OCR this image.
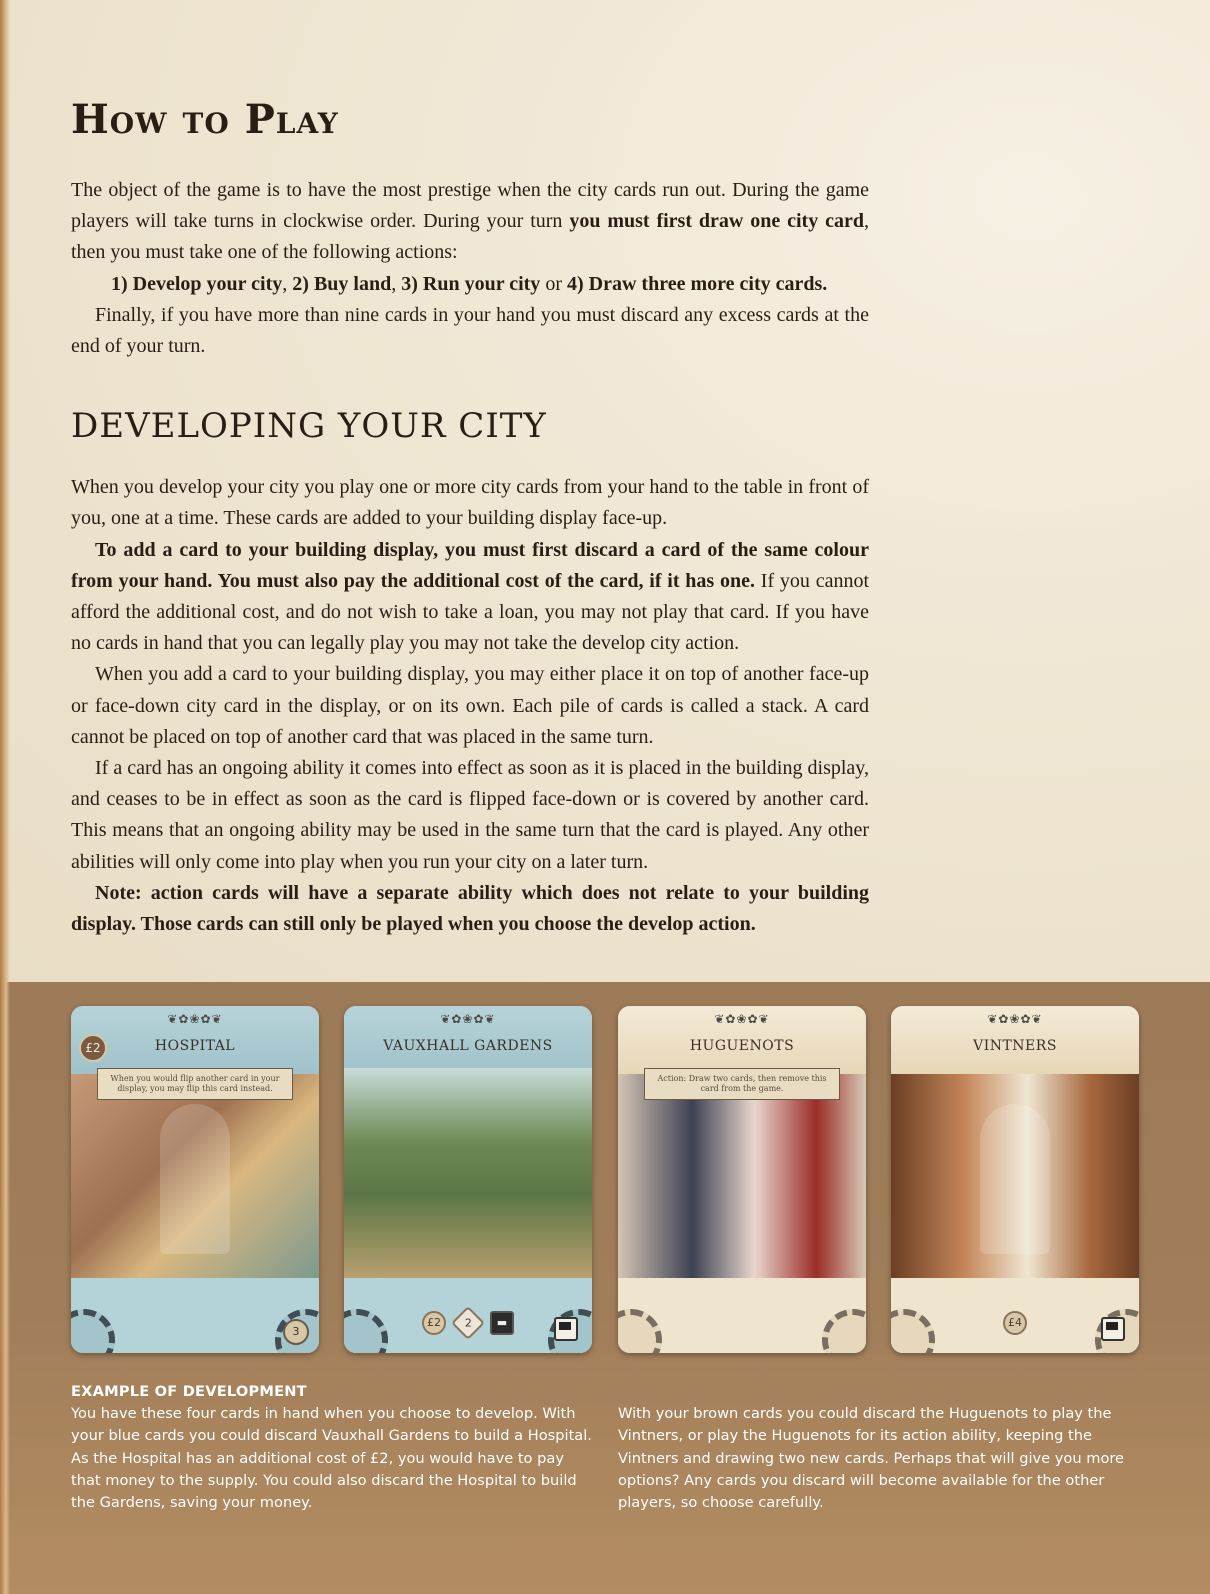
How to Play

The object of the game is to have the most prestige when the city cards run out. During the game players will take turns in clockwise order. During your turn you must first draw one city card, then you must take one of the following actions:

1) Develop your city, 2) Buy land, 3) Run your city or 4) Draw three more city cards.

Finally, if you have more than nine cards in your hand you must discard any excess cards at the end of your turn.

DEVELOPING YOUR CITY

When you develop your city you play one or more city cards from your hand to the table in front of you, one at a time. These cards are added to your building display face-up.

To add a card to your building display, you must first discard a card of the same colour from your hand. You must also pay the additional cost of the card, if it has one. If you cannot afford the additional cost, and do not wish to take a loan, you may not play that card. If you have no cards in hand that you can legally play you may not take the develop city action.

When you add a card to your building display, you may either place it on top of another face-up or face-down city card in the display, or on its own. Each pile of cards is called a stack. A card cannot be placed on top of another card that was placed in the same turn.

If a card has an ongoing ability it comes into effect as soon as it is placed in the building display, and ceases to be in effect as soon as the card is flipped face-down or is covered by another card. This means that an ongoing ability may be used in the same turn that the card is played. Any other abilities will only come into play when you run your city on a later turn.

Note: action cards will have a separate ability which does not relate to your building display. Those cards can still only be played when you choose the develop action.

❦✿❀✿❦
£2	HOSPITAL
When you would flip another card in your display, you may flip this card instead.
3
❦✿❀✿❦
VAUXHALL GARDENS
£2	2	▬
❦✿❀✿❦
HUGUENOTS
Action: Draw two cards, then remove this card from the game.
❦✿❀✿❦
VINTNERS
£4
EXAMPLE OF DEVELOPMENT

You have these four cards in hand when you choose to develop. With your blue cards you could discard Vauxhall Gardens to build a Hospital. As the Hospital has an additional cost of £2, you would have to pay that money to the supply. You could also discard the Hospital to build the Gardens, saving your money.

With your brown cards you could discard the Huguenots to play the Vintners, or play the Huguenots for its action ability, keeping the Vintners and drawing two new cards. Perhaps that will give you more options? Any cards you discard will become available for the other players, so choose carefully.
